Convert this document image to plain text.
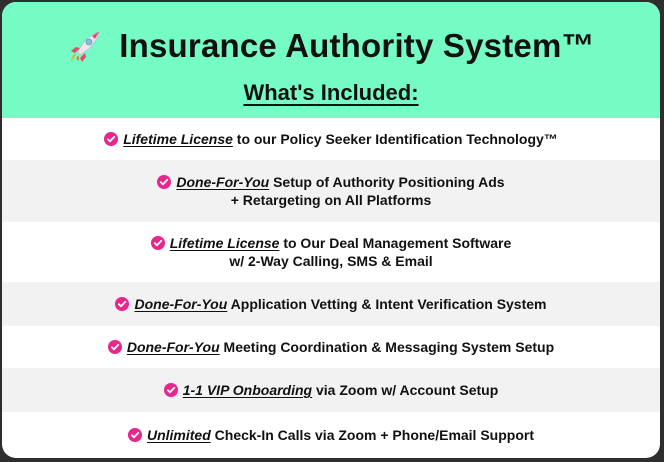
Insurance Authority System™
What's Included:
Lifetime License to our Policy Seeker Identification Technology™
Done-For-You Setup of Authority Positioning Ads
+ Retargeting on All Platforms
Lifetime License to Our Deal Management Software
w/ 2-Way Calling, SMS & Email
Done-For-You Application Vetting & Intent Verification System
Done-For-You Meeting Coordination & Messaging System Setup
1-1 VIP Onboarding via Zoom w/ Account Setup
Unlimited Check-In Calls via Zoom + Phone/Email Support
